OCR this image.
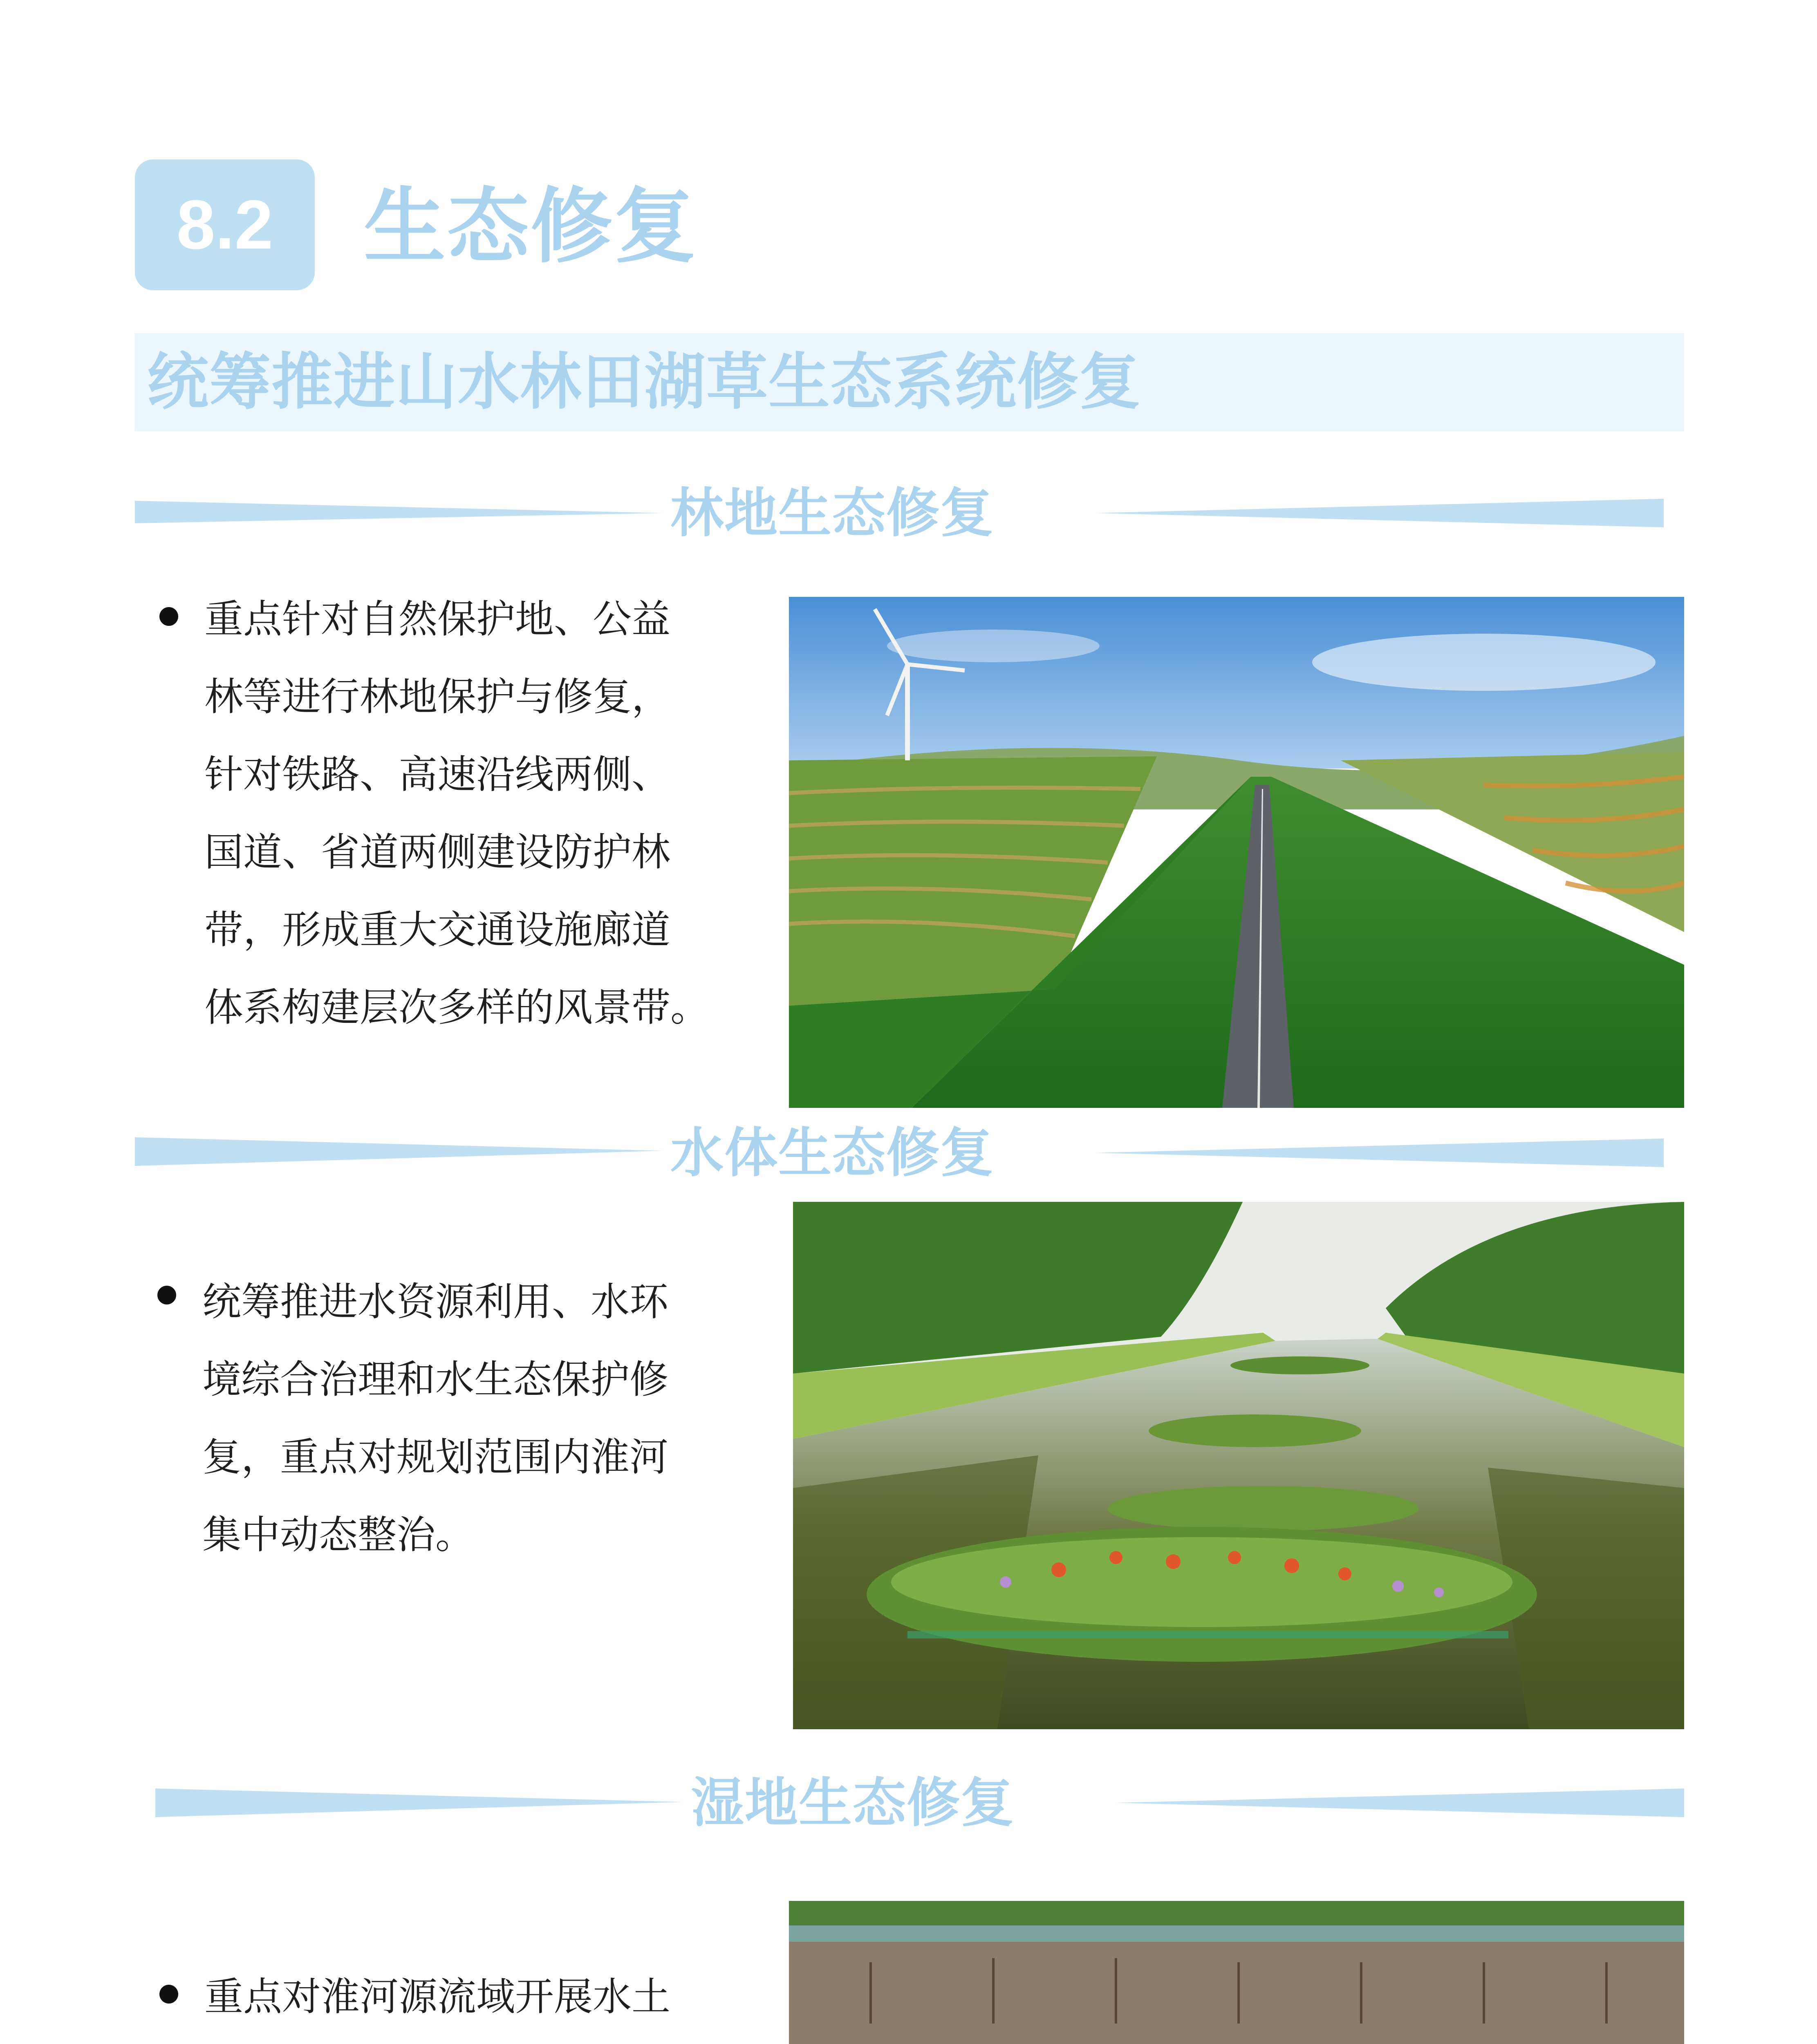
8.2 生态修复
统筹推进山水林田湖草生态系统修复
林地生态修复
重点针对自然保护地、公益
林等进行林地保护与修复，
针对铁路、高速沿线两侧、
国道、省道两侧建设防护林
带，形成重大交通设施廊道
体系构建层次多样的风景带。
水体生态修复
统筹推进水资源利用、水环
境综合治理和水生态保护修
复，重点对规划范围内淮河
集中动态整治。
湿地生态修复
重点对淮河源流域开展水土
